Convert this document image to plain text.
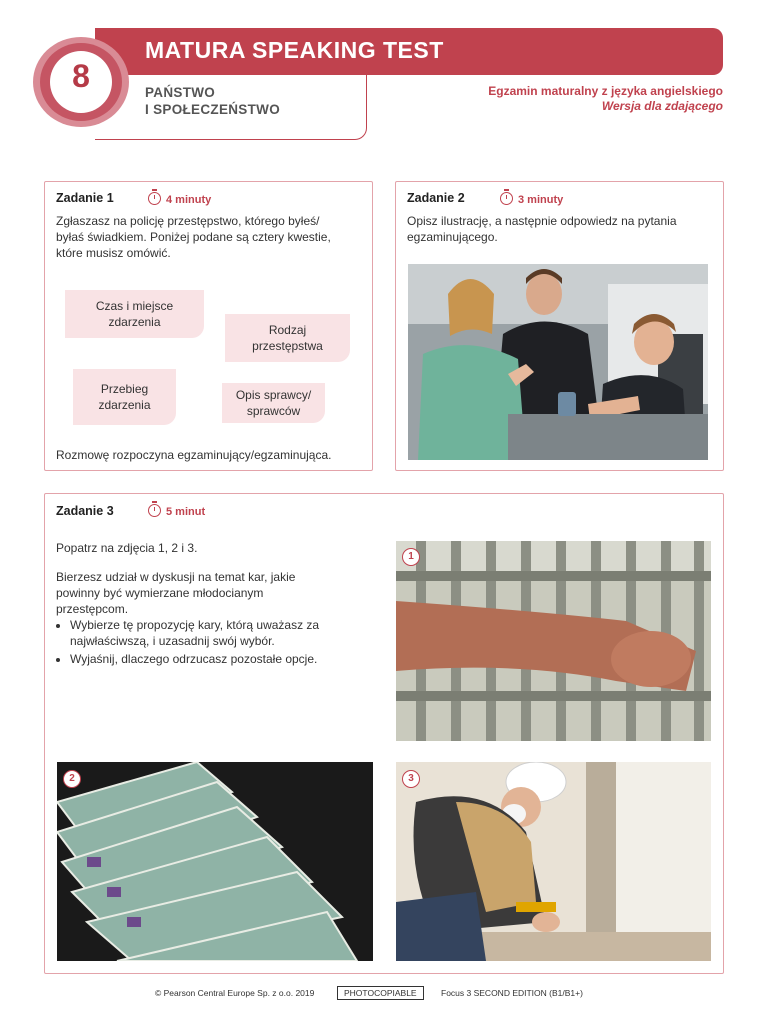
8
MATURA SPEAKING TEST
PAŃSTWO
I SPOŁECZEŃSTWO
Egzamin maturalny z języka angielskiego
Wersja dla zdającego
Zadanie 1	4 minuty
Zgłaszasz na policję przestępstwo, którego byłeś/
byłaś świadkiem. Poniżej podane są cztery kwestie,
które musisz omówić.
Czas i miejsce
zdarzenia
Rodzaj
przestępstwa
Przebieg
zdarzenia
Opis sprawcy/
sprawców
Rozmowę rozpoczyna egzaminujący/egzaminująca.
Zadanie 2	3 minuty
Opisz ilustrację, a następnie odpowiedz na pytania
egzaminującego.
Zadanie 3	5 minut
Popatrz na zdjęcia 1, 2 i 3.
Bierzesz udział w dyskusji na temat kar, jakie
powinny być wymierzane młodocianym
przestępcom.
• Wybierze tę propozycję kary, którą uważasz za
najwłaściwszą, i uzasadnij swój wybór.
• Wyjaśnij, dlaczego odrzucasz pozostałe opcje.
1
2	3
© Pearson Central Europe Sp. z o.o. 2019	PHOTOCOPIABLE	Focus 3 SECOND EDITION (B1/B1+)
